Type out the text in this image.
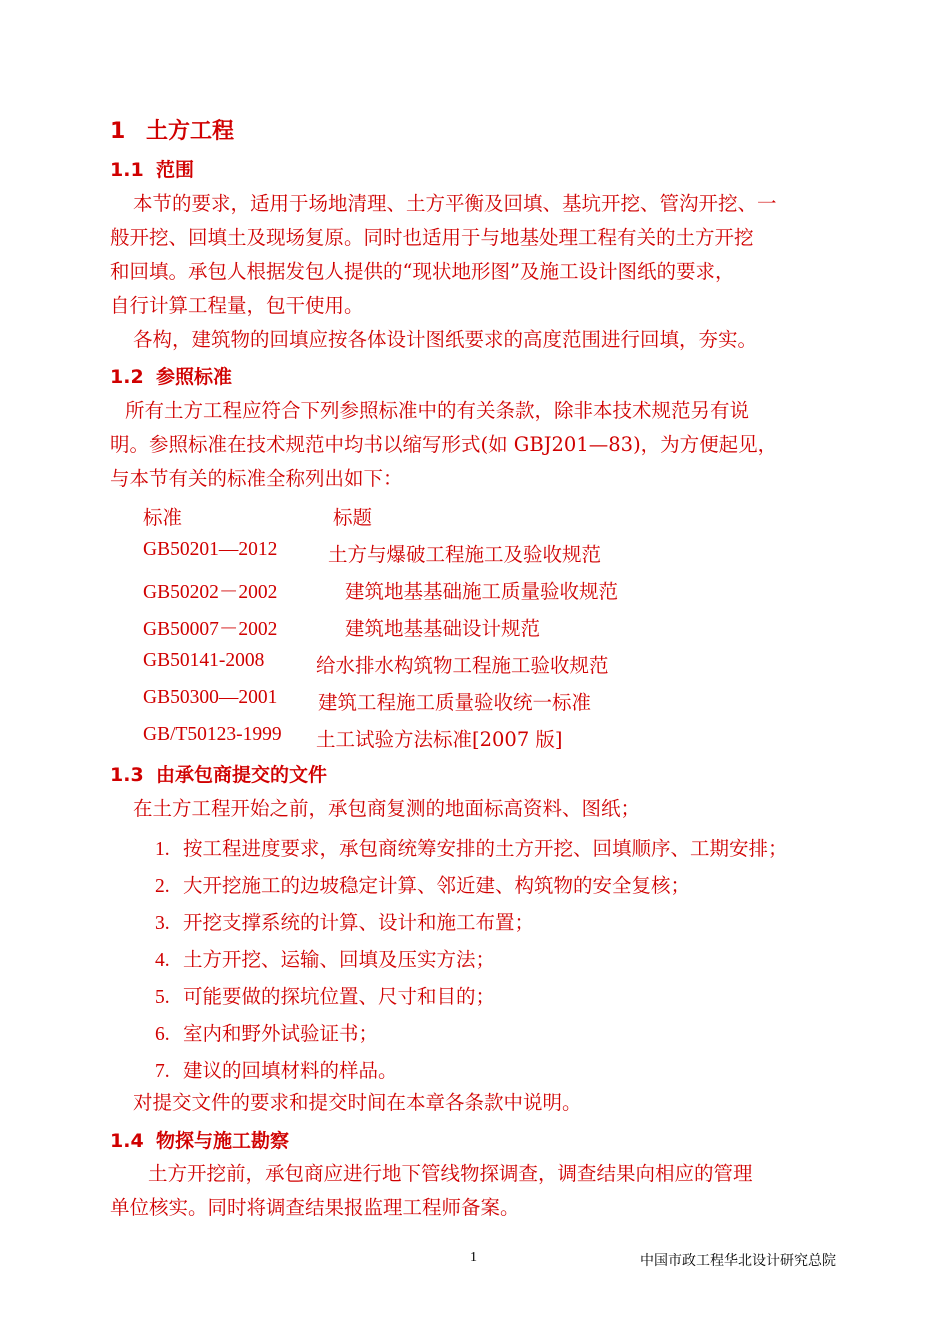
1 土方工程
1.1 范围
本节的要求，适用于场地清理、土方平衡及回填、基坑开挖、管沟开挖、一
般开挖、回填土及现场复原。同时也适用于与地基处理工程有关的土方开挖
和回填。承包人根据发包人提供的“现状地形图”及施工设计图纸的要求，
自行计算工程量，包干使用。
各构，建筑物的回填应按各体设计图纸要求的高度范围进行回填，夯实。
1.2 参照标准
所有土方工程应符合下列参照标准中的有关条款，除非本技术规范另有说
明。参照标准在技术规范中均书以缩写形式(如 GBJ201—83)，为方便起见，
与本节有关的标准全称列出如下：
标准	标题
GB50201—2012	土方与爆破工程施工及验收规范
GB50202－2002	建筑地基基础施工质量验收规范
GB50007－2002	建筑地基基础设计规范
GB50141-2008	给水排水构筑物工程施工验收规范
GB50300—2001 建筑工程施工质量验收统一标准
GB/T50123-1999 土工试验方法标准[2007 版]
1.3 由承包商提交的文件
在土方工程开始之前，承包商复测的地面标高资料、图纸；
1. 按工程进度要求，承包商统筹安排的土方开挖、回填顺序、工期安排；
2. 大开挖施工的边坡稳定计算、邻近建、构筑物的安全复核；
3. 开挖支撑系统的计算、设计和施工布置；
4. 土方开挖、运输、回填及压实方法；
5. 可能要做的探坑位置、尺寸和目的；
6. 室内和野外试验证书；
7. 建议的回填材料的样品。
对提交文件的要求和提交时间在本章各条款中说明。
1.4 物探与施工勘察
土方开挖前，承包商应进行地下管线物探调查，调查结果向相应的管理
单位核实。同时将调查结果报监理工程师备案。
1	中国市政工程华北设计研究总院
